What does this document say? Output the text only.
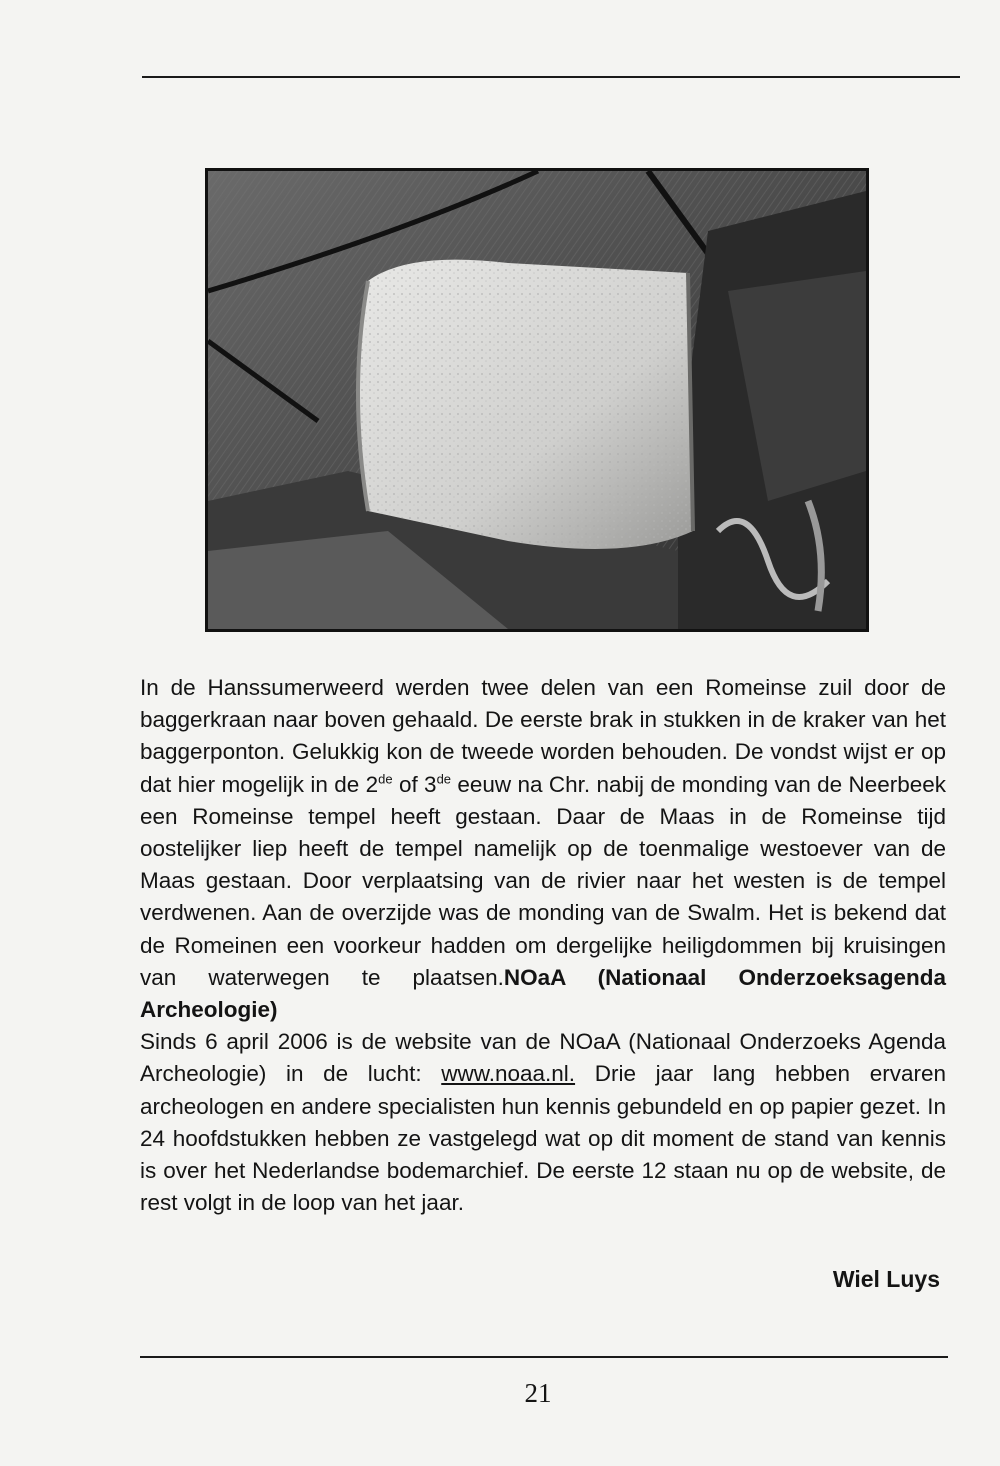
In de Hanssumerweerd werden twee delen van een Romeinse zuil door de baggerkraan naar boven gehaald. De eerste brak in stukken in de kraker van het baggerponton. Gelukkig kon de tweede worden behouden. De vondst wijst er op dat hier mogelijk in de 2de of 3de eeuw na Chr. nabij de monding van de Neerbeek een Romeinse tempel heeft gestaan. Daar de Maas in de Romeinse tijd oostelijker liep heeft de tempel namelijk op de toenmalige westoever van de Maas gestaan. Door verplaatsing van de rivier naar het westen is de tempel verdwenen. Aan de overzijde was de monding van de Swalm. Het is bekend dat de Romeinen een voorkeur hadden om dergelijke heiligdommen bij kruisingen van waterwegen te plaatsen.NOaA (Nationaal Onderzoeksagenda Archeologie)
Sinds 6 april 2006 is de website van de NOaA (Nationaal Onderzoeks Agenda Archeologie) in de lucht: www.noaa.nl. Drie jaar lang hebben ervaren archeologen en andere specialisten hun kennis gebundeld en op papier gezet. In 24 hoofdstukken hebben ze vastgelegd wat op dit moment de stand van kennis is over het Nederlandse bodemarchief. De eerste 12 staan nu op de website, de rest volgt in de loop van het jaar.

Wiel Luys
21
